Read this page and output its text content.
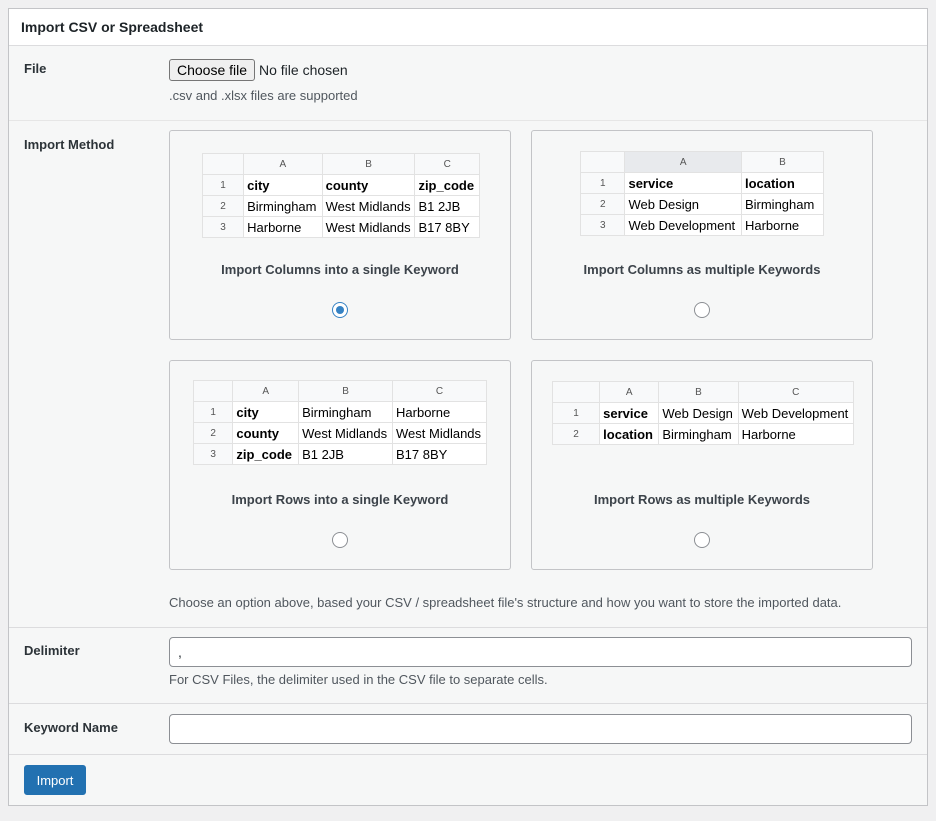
Import CSV or Spreadsheet
File	Choose file No file chosen
.csv and .xlsx files are supported
Import Method
	A	B	C
1	city	county	zip_code
2	Birmingham	West Midlands	B1 2JB
3	Harborne	West Midlands	B17 8BY
Import Columns into a single Keyword
	A	B
1	service	location
2	Web Design	Birmingham
3	Web Development	Harborne
Import Columns as multiple Keywords
	A	B	C
1	city	Birmingham	Harborne
2	county	West Midlands	West Midlands
3	zip_code	B1 2JB	B17 8BY
Import Rows into a single Keyword
	A	B	C
1	service	Web Design	Web Development
2	location	Birmingham	Harborne
Import Rows as multiple Keywords
Choose an option above, based your CSV / spreadsheet file's structure and how you want to store the imported data.
Delimiter
,
For CSV Files, the delimiter used in the CSV file to separate cells.
Keyword Name
Import
